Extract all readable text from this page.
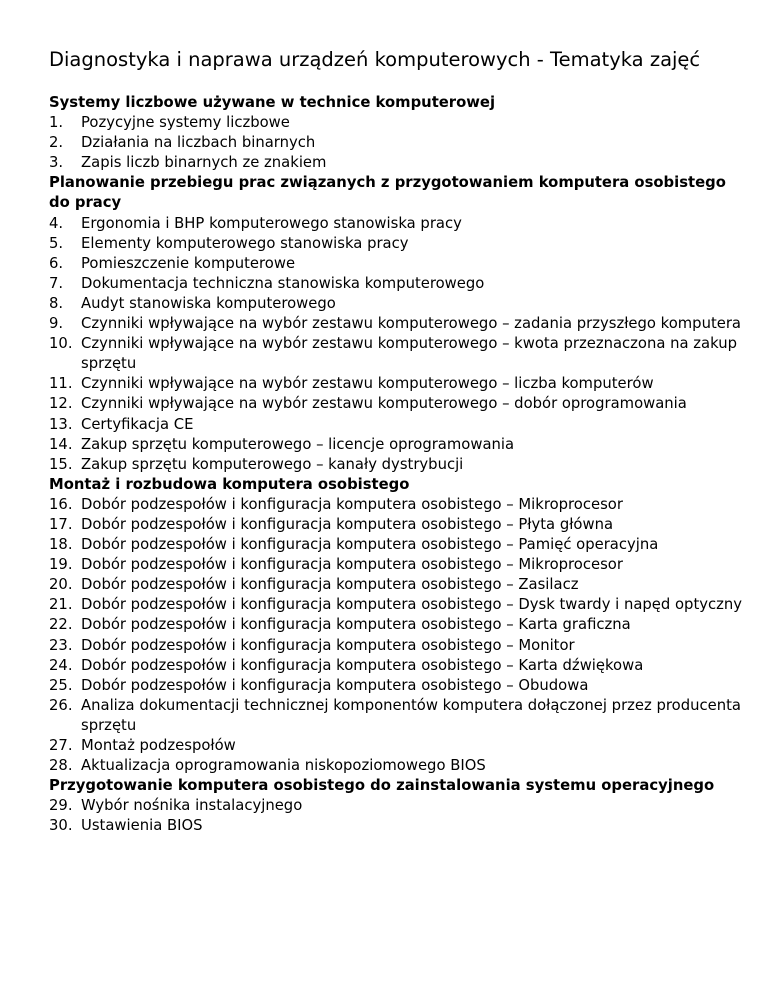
Diagnostyka i naprawa urządzeń komputerowych - Tematyka zajęć
Systemy liczbowe używane w technice komputerowej
1. Pozycyjne systemy liczbowe
2. Działania na liczbach binarnych
3. Zapis liczb binarnych ze znakiem
Planowanie przebiegu prac związanych z przygotowaniem komputera osobistego do pracy
4. Ergonomia i BHP komputerowego stanowiska pracy
5. Elementy komputerowego stanowiska pracy
6. Pomieszczenie komputerowe
7. Dokumentacja techniczna stanowiska komputerowego
8. Audyt stanowiska komputerowego
9. Czynniki wpływające na wybór zestawu komputerowego – zadania przyszłego komputera
10. Czynniki wpływające na wybór zestawu komputerowego – kwota przeznaczona na zakup sprzętu
11. Czynniki wpływające na wybór zestawu komputerowego – liczba komputerów
12. Czynniki wpływające na wybór zestawu komputerowego – dobór oprogramowania
13. Certyfikacja CE
14. Zakup sprzętu komputerowego – licencje oprogramowania
15. Zakup sprzętu komputerowego – kanały dystrybucji
Montaż i rozbudowa komputera osobistego
16. Dobór podzespołów i konfiguracja komputera osobistego – Mikroprocesor
17. Dobór podzespołów i konfiguracja komputera osobistego – Płyta główna
18. Dobór podzespołów i konfiguracja komputera osobistego – Pamięć operacyjna
19. Dobór podzespołów i konfiguracja komputera osobistego – Mikroprocesor
20. Dobór podzespołów i konfiguracja komputera osobistego – Zasilacz
21. Dobór podzespołów i konfiguracja komputera osobistego – Dysk twardy i napęd optyczny
22. Dobór podzespołów i konfiguracja komputera osobistego – Karta graficzna
23. Dobór podzespołów i konfiguracja komputera osobistego – Monitor
24. Dobór podzespołów i konfiguracja komputera osobistego – Karta dźwiękowa
25. Dobór podzespołów i konfiguracja komputera osobistego – Obudowa
26. Analiza dokumentacji technicznej komponentów komputera dołączonej przez producenta sprzętu
27. Montaż podzespołów
28. Aktualizacja oprogramowania niskopoziomowego BIOS
Przygotowanie komputera osobistego do zainstalowania systemu operacyjnego
29. Wybór nośnika instalacyjnego
30. Ustawienia BIOS
